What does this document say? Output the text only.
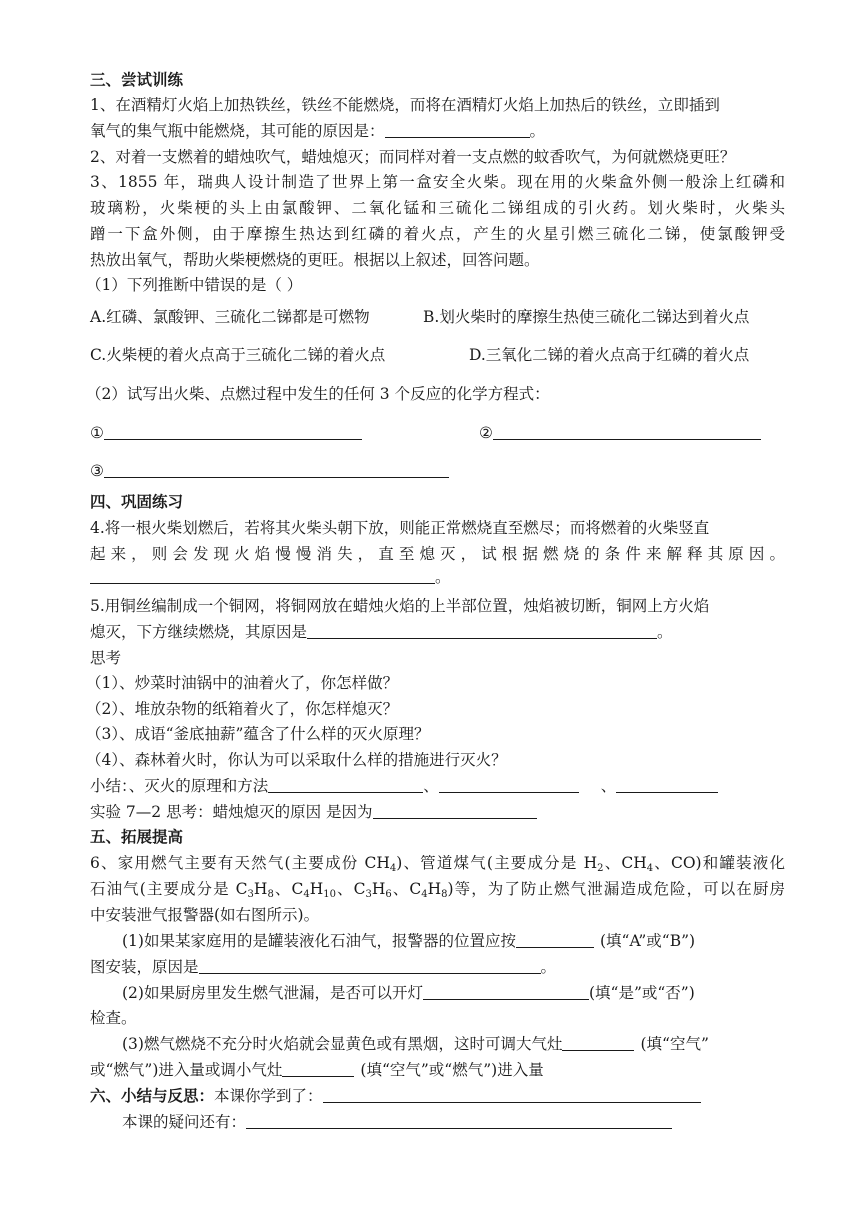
三、尝试训练
1、在酒精灯火焰上加热铁丝，铁丝不能燃烧，而将在酒精灯火焰上加热后的铁丝，立即插到
氧气的集气瓶中能燃烧，其可能的原因是：	。
2、对着一支燃着的蜡烛吹气，蜡烛熄灭；而同样对着一支点燃的蚊香吹气，为何就燃烧更旺？
3、1855 年，瑞典人设计制造了世界上第一盒安全火柴。现在用的火柴盒外侧一般涂上红磷和
玻璃粉，火柴梗的头上由氯酸钾、二氧化锰和三硫化二锑组成的引火药。划火柴时，火柴头
蹭一下盒外侧，由于摩擦生热达到红磷的着火点，产生的火星引燃三硫化二锑，使氯酸钾受
热放出氧气，帮助火柴梗燃烧的更旺。根据以上叙述，回答问题。
（1）下列推断中错误的是（ ）
A.红磷、氯酸钾、三硫化二锑都是可燃物	B.划火柴时的摩擦生热使三硫化二锑达到着火点
C.火柴梗的着火点高于三硫化二锑的着火点	D.三氧化二锑的着火点高于红磷的着火点
（2）试写出火柴、点燃过程中发生的任何 3 个反应的化学方程式：
①	②
③
四、巩固练习
4.将一根火柴划燃后，若将其火柴头朝下放，则能正常燃烧直至燃尽；而将燃着的火柴竖直
起来，则会发现火焰慢慢消失，直至熄灭，试根据燃烧的条件来解释其原因。
。
5.用铜丝编制成一个铜网，将铜网放在蜡烛火焰的上半部位置，烛焰被切断，铜网上方火焰
熄灭，下方继续燃烧，其原因是	。
思考
（1）、炒菜时油锅中的油着火了，你怎样做？
（2）、堆放杂物的纸箱着火了，你怎样熄灭？
（3）、成语“釜底抽薪”蕴含了什么样的灭火原理？
（4）、森林着火时，你认为可以采取什么样的措施进行灭火？
小结：、灭火的原理和方法	、	、
实验 7—2 思考：蜡烛熄灭的原因 是因为
五、拓展提高
6、家用燃气主要有天然气(主要成份 $CH_4$)、管道煤气(主要成分是 $H_2$、$CH_4$、CO)和罐装液化
石油气(主要成分是 $C_3H_8$、$C_4H_{10}$、$C_3H_6$、$C_4H_8$)等，为了防止燃气泄漏造成危险，可以在厨房
中安装泄气报警器(如右图所示)。
(1)如果某家庭用的是罐装液化石油气，报警器的位置应按	(填“A”或“B”)
图安装，原因是	。
(2)如果厨房里发生燃气泄漏，是否可以开灯	(填“是”或“否”)
检查。
(3)燃气燃烧不充分时火焰就会显黄色或有黑烟，这时可调大气灶	(填“空气”
或“燃气”)进入量或调小气灶	(填“空气”或“燃气”)进入量
六、小结与反思：本课你学到了：
本课的疑问还有：
